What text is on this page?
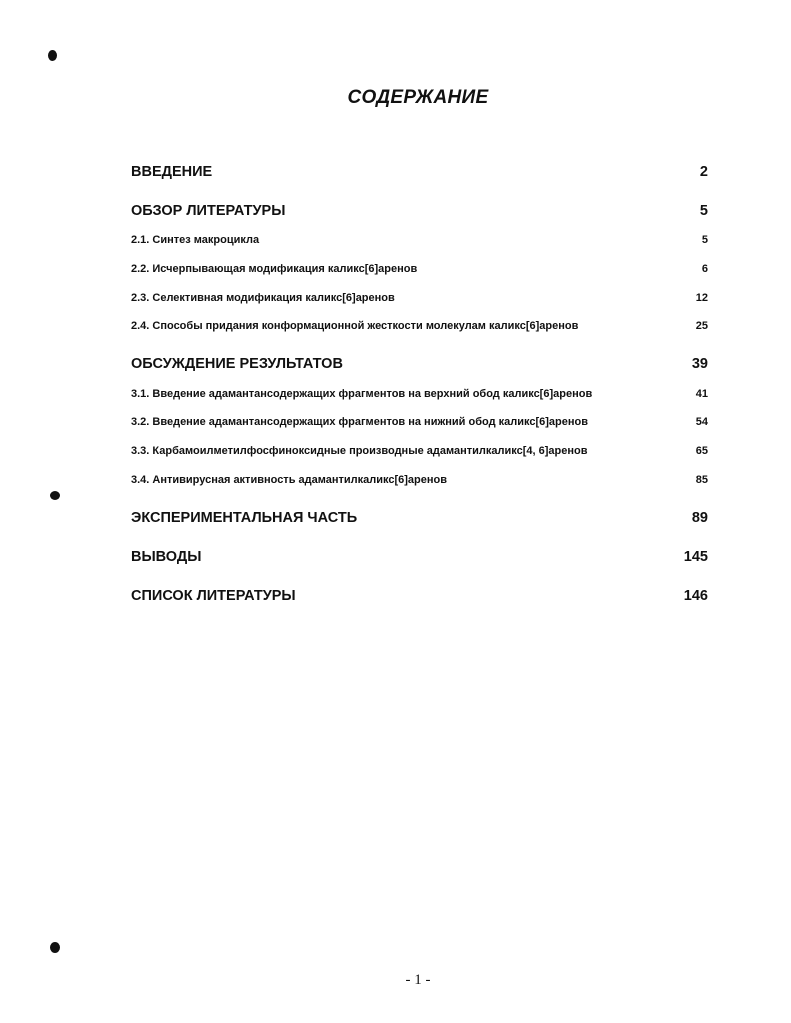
СОДЕРЖАНИЕ
ВВЕДЕНИЕ	2
ОБЗОР ЛИТЕРАТУРЫ	5
2.1. Синтез макроцикла	5
2.2. Исчерпывающая модификация каликс[6]аренов	6
2.3. Селективная модификация каликс[6]аренов	12
2.4. Способы придания конформационной жесткости молекулам каликс[6]аренов	25
ОБСУЖДЕНИЕ РЕЗУЛЬТАТОВ	39
3.1. Введение адамантансодержащих фрагментов на верхний обод каликс[6]аренов	41
3.2. Введение адамантансодержащих фрагментов на нижний обод каликс[6]аренов	54
3.3. Карбамоилметилфосфиноксидные производные адамантилкаликс[4, 6]аренов	65
3.4. Антивирусная активность адамантилкаликс[6]аренов	85
ЭКСПЕРИМЕНТАЛЬНАЯ ЧАСТЬ	89
ВЫВОДЫ	145
СПИСОК ЛИТЕРАТУРЫ	146
- 1 -
